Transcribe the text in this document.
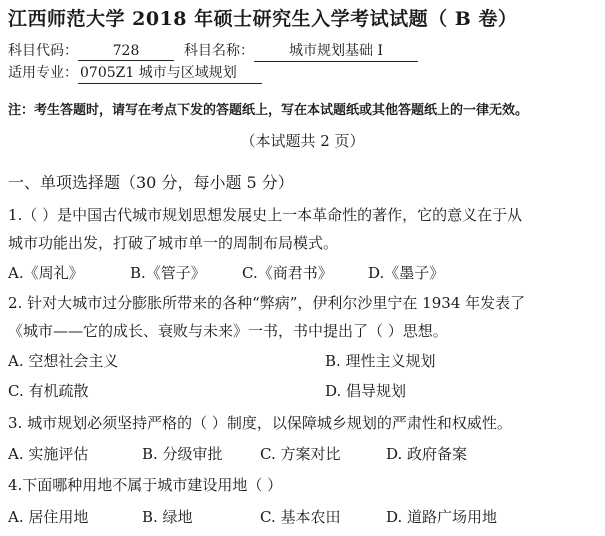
江西师范大学 2018 年硕士研究生入学考试试题（ B 卷）
科目代码： 728	科目名称：	城市规划基础 I
适用专业： 0705Z1 城市与区域规划
注：考生答题时，请写在考点下发的答题纸上，写在本试题纸或其他答题纸上的一律无效。
（本试题共 2 页）
一、单项选择题（30 分，每小题 5 分）
1.（ ）是中国古代城市规划思想发展史上一本革命性的著作，它的意义在于从
城市功能出发，打破了城市单一的周制布局模式。
A.《周礼》	B.《管子》 C.《商君书》 D.《墨子》
2. 针对大城市过分膨胀所带来的各种“弊病”，伊利尔沙里宁在 1934 年发表了
《城市——它的成长、衰败与未来》一书，书中提出了（ ）思想。
A. 空想社会主义	B. 理性主义规划
C. 有机疏散	D. 倡导规划
3. 城市规划必须坚持严格的（ ）制度，以保障城乡规划的严肃性和权威性。
A. 实施评估	B. 分级审批 C. 方案对比	D. 政府备案
4.下面哪种用地不属于城市建设用地（ ）
A. 居住用地	B. 绿地	C. 基本农田	D. 道路广场用地
